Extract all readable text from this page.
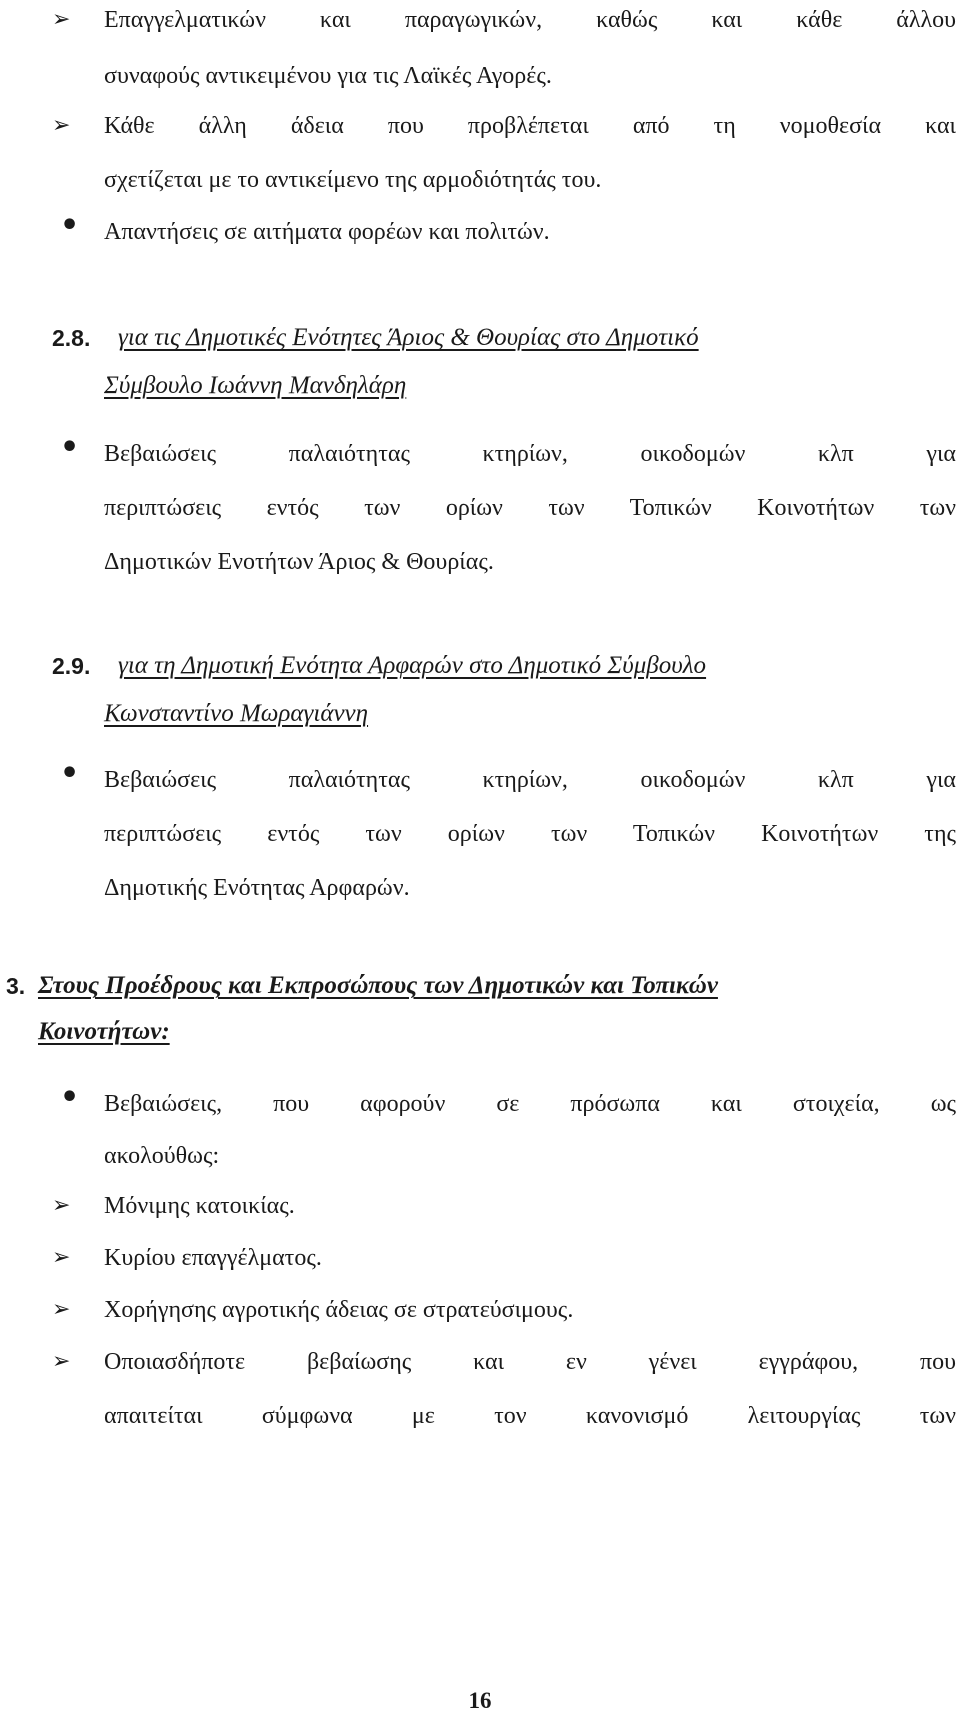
➢ Επαγγελματικών και παραγωγικών, καθώς και κάθε άλλου
συναφούς αντικειμένου για τις Λαϊκές Αγορές.
➢ Κάθε άλλη άδεια που προβλέπεται από τη νομοθεσία και
σχετίζεται με το αντικείμενο της αρμοδιότητάς του.
• Απαντήσεις σε αιτήματα φορέων και πολιτών.
2.8. για τις Δημοτικές Ενότητες Άριος & Θουρίας στο Δημοτικό
Σύμβουλο Ιωάννη Μανδηλάρη
• Βεβαιώσεις παλαιότητας κτηρίων, οικοδομών κλπ για
περιπτώσεις εντός των ορίων των Τοπικών Κοινοτήτων των
Δημοτικών Ενοτήτων Άριος & Θουρίας.
2.9. για τη Δημοτική Ενότητα Αρφαρών στο Δημοτικό Σύμβουλο
Κωνσταντίνο Μωραγιάννη
• Βεβαιώσεις παλαιότητας κτηρίων, οικοδομών κλπ για
περιπτώσεις εντός των ορίων των Τοπικών Κοινοτήτων της
Δημοτικής Ενότητας Αρφαρών.
3. Στους Προέδρους και Εκπροσώπους των Δημοτικών και Τοπικών
Κοινοτήτων:
• Βεβαιώσεις, που αφορούν σε πρόσωπα και στοιχεία, ως
ακολούθως:
➢ Μόνιμης κατοικίας.
➢ Κυρίου επαγγέλματος.
➢ Χορήγησης αγροτικής άδειας σε στρατεύσιμους.
➢ Οποιασδήποτε βεβαίωσης και εν γένει εγγράφου, που
απαιτείται σύμφωνα με τον κανονισμό λειτουργίας των
16
